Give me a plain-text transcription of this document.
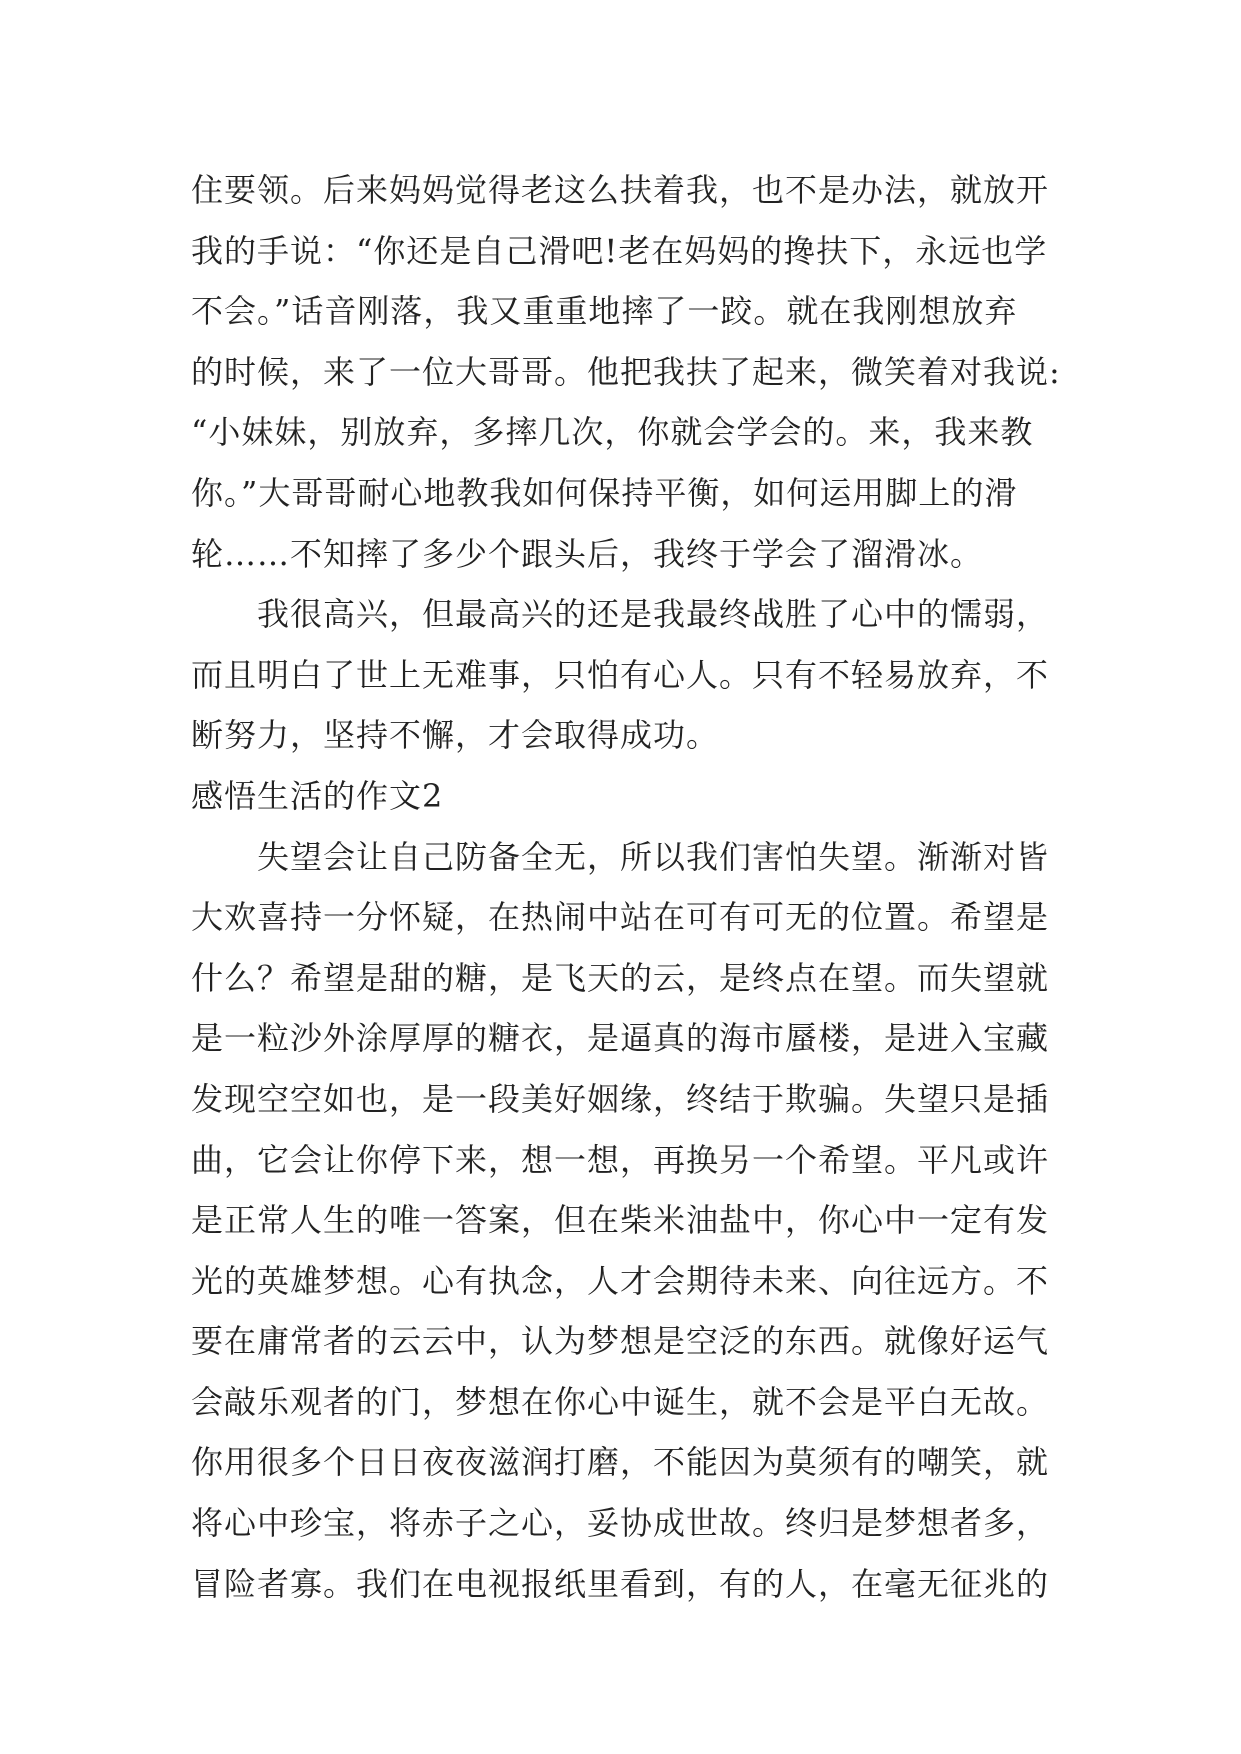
住要领。后来妈妈觉得老这么扶着我，也不是办法，就放开
我的手说：“你还是自己滑吧!老在妈妈的搀扶下，永远也学
不会。”话音刚落，我又重重地摔了一跤。就在我刚想放弃
的时候，来了一位大哥哥。他把我扶了起来，微笑着对我说:
“小妹妹，别放弃，多摔几次，你就会学会的。来，我来教
你。”大哥哥耐心地教我如何保持平衡，如何运用脚上的滑
轮……不知摔了多少个跟头后，我终于学会了溜滑冰。
我很高兴，但最高兴的还是我最终战胜了心中的懦弱，
而且明白了世上无难事，只怕有心人。只有不轻易放弃，不
断努力，坚持不懈，才会取得成功。
感悟生活的作文2
失望会让自己防备全无，所以我们害怕失望。渐渐对皆
大欢喜持一分怀疑，在热闹中站在可有可无的位置。希望是
什么？希望是甜的糖，是飞天的云，是终点在望。而失望就
是一粒沙外涂厚厚的糖衣，是逼真的海市蜃楼，是进入宝藏
发现空空如也，是一段美好姻缘，终结于欺骗。失望只是插
曲，它会让你停下来，想一想，再换另一个希望。平凡或许
是正常人生的唯一答案，但在柴米油盐中，你心中一定有发
光的英雄梦想。心有执念，人才会期待未来、向往远方。不
要在庸常者的云云中，认为梦想是空泛的东西。就像好运气
会敲乐观者的门，梦想在你心中诞生，就不会是平白无故。
你用很多个日日夜夜滋润打磨，不能因为莫须有的嘲笑，就
将心中珍宝，将赤子之心，妥协成世故。终归是梦想者多，
冒险者寡。我们在电视报纸里看到，有的人，在毫无征兆的
